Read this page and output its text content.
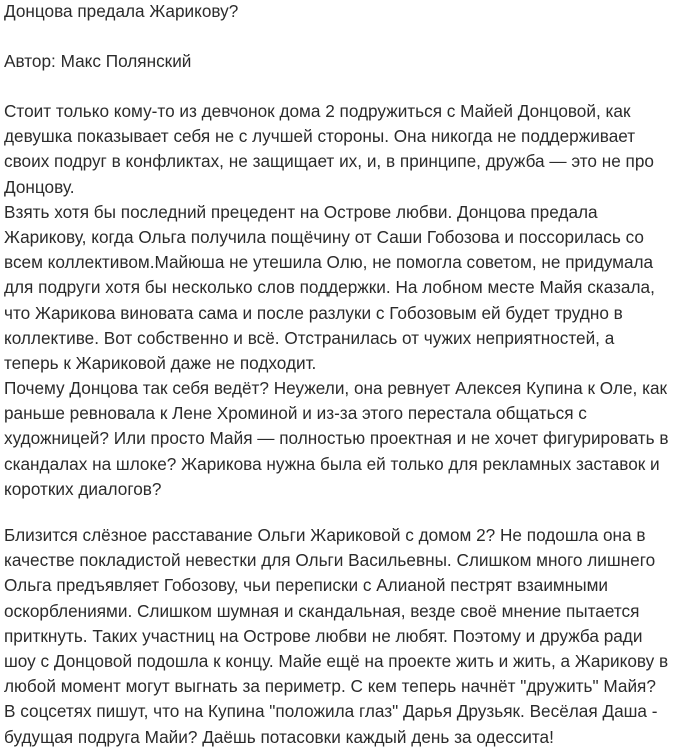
Донцова предала Жарикову?
Автор: Макс Полянский
Стоит только кому-то из девчонок дома 2 подружиться с Майей Донцовой, как
девушка показывает себя не с лучшей стороны. Она никогда не поддерживает
своих подруг в конфликтах, не защищает их, и, в принципе, дружба — это не про
Донцову.
Взять хотя бы последний прецедент на Острове любви. Донцова предала
Жарикову, когда Ольга получила пощёчину от Саши Гобозова и поссорилась со
всем коллективом.Майюша не утешила Олю, не помогла советом, не придумала
для подруги хотя бы несколько слов поддержки. На лобном месте Майя сказала,
что Жарикова виновата сама и после разлуки с Гобозовым ей будет трудно в
коллективе. Вот собственно и всё. Отстранилась от чужих неприятностей, а
теперь к Жариковой даже не подходит.
Почему Донцова так себя ведёт? Неужели, она ревнует Алексея Купина к Оле, как
раньше ревновала к Лене Хроминой и из-за этого перестала общаться с
художницей? Или просто Майя — полностью проектная и не хочет фигурировать в
скандалах на шлоке? Жарикова нужна была ей только для рекламных заставок и
коротких диалогов?
Близится слёзное расставание Ольги Жариковой с домом 2? Не подошла она в
качестве покладистой невестки для Ольги Васильевны. Слишком много лишнего
Ольга предъявляет Гобозову, чьи переписки с Алианой пестрят взаимными
оскорблениями. Слишком шумная и скандальная, везде своё мнение пытается
приткнуть. Таких участниц на Острове любви не любят. Поэтому и дружба ради
шоу с Донцовой подошла к концу. Майе ещё на проекте жить и жить, а Жарикову в
любой момент могут выгнать за периметр. С кем теперь начнёт "дружить" Майя?
В соцсетях пишут, что на Купина "положила глаз" Дарья Друзьяк. Весёлая Даша -
будущая подруга Майи? Даёшь потасовки каждый день за одессита!
